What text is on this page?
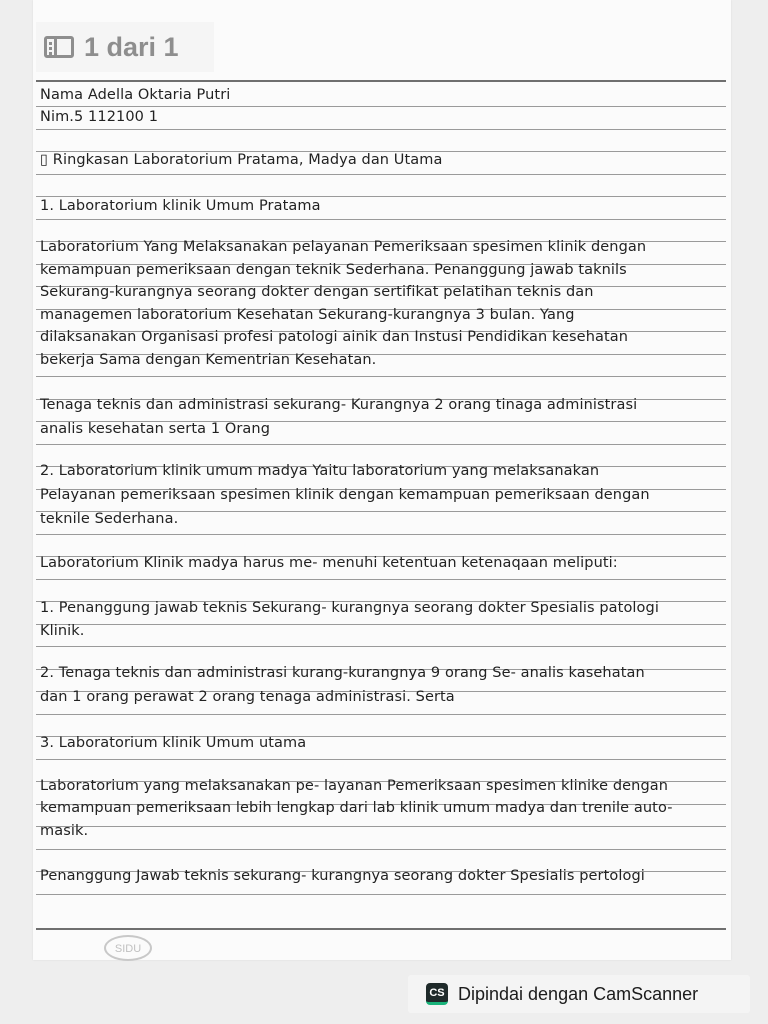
1 dari 1
Nama Adella Oktaria Putri
Nim.5 112100 1
▯ Ringkasan Laboratorium Pratama, Madya dan Utama
1. Laboratorium klinik Umum Pratama
Laboratorium Yang Melaksanakan pelayanan Pemeriksaan spesimen klinik dengan
kemampuan pemeriksaan dengan teknik Sederhana. Penanggung jawab taknils
Sekurang-kurangnya seorang dokter dengan sertifikat pelatihan teknis dan
managemen laboratorium Kesehatan Sekurang-kurangnya 3 bulan. Yang
dilaksanakan Organisasi profesi patologi ainik dan Instusi Pendidikan kesehatan
bekerja Sama dengan Kementrian Kesehatan.
Tenaga teknis dan administrasi sekurang- Kurangnya 2 orang tinaga administrasi
analis kesehatan serta 1 Orang
2. Laboratorium klinik umum madya Yaitu laboratorium yang melaksanakan
Pelayanan pemeriksaan spesimen klinik dengan kemampuan pemeriksaan dengan
teknile Sederhana.
Laboratorium Klinik madya harus me- menuhi ketentuan ketenaqaan meliputi:
1. Penanggung jawab teknis Sekurang- kurangnya seorang dokter Spesialis patologi
Klinik.
2. Tenaga teknis dan administrasi kurang-kurangnya 9 orang Se- analis kasehatan
dan 1 orang perawat 2 orang tenaga administrasi. Serta
3. Laboratorium klinik Umum utama
Laboratorium yang melaksanakan pe- layanan Pemeriksaan spesimen klinike dengan
kemampuan pemeriksaan lebih lengkap dari lab klinik umum madya dan trenile auto-
masik.
Penanggung Jawab teknis sekurang- kurangnya seorang dokter Spesialis pertologi
SIDU
CS Dipindai dengan CamScanner
